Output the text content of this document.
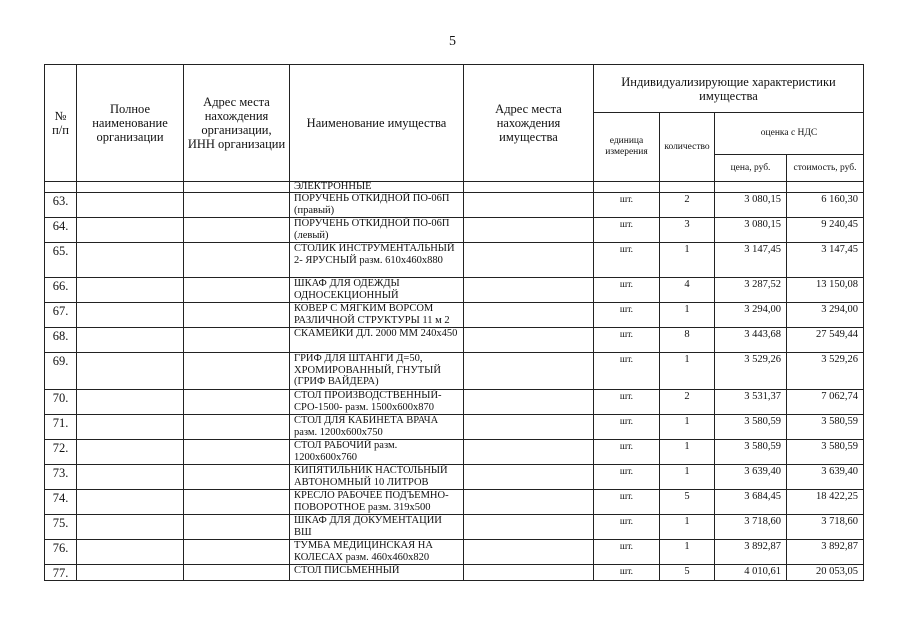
5
№ п/п	Полное наименование организации	Адрес места нахождения организации, ИНН организации	Наименование имущества	Адрес места нахождения имущества	Индивидуализирующие характеристики имущества			
					единица измерения	количество	оценка с НДС	
							цена, руб.	стоимость, руб.
			ЭЛЕКТРОННЫЕ					
63.			ПОРУЧЕНЬ ОТКИДНОЙ ПО-06П (правый)		шт.	2	3 080,15	6 160,30
64.			ПОРУЧЕНЬ ОТКИДНОЙ ПО-06П (левый)		шт.	3	3 080,15	9 240,45
65.			СТОЛИК ИНСТРУМЕНТАЛЬНЫЙ 2- ЯРУСНЫЙ разм. 610х460х880		шт.	1	3 147,45	3 147,45
66.			ШКАФ ДЛЯ ОДЕЖДЫ ОДНОСЕКЦИОННЫЙ		шт.	4	3 287,52	13 150,08
67.			КОВЕР С МЯГКИМ ВОРСОМ РАЗЛИЧНОЙ СТРУКТУРЫ 11 м 2		шт.	1	3 294,00	3 294,00
68.			СКАМЕЙКИ ДЛ. 2000 ММ 240х450		шт.	8	3 443,68	27 549,44
69.			ГРИФ ДЛЯ ШТАНГИ Д=50, ХРОМИРОВАННЫЙ, ГНУТЫЙ (ГРИФ ВАЙДЕРА)		шт.	1	3 529,26	3 529,26
70.			СТОЛ ПРОИЗВОДСТВЕННЫЙ-СРО-1500- разм. 1500х600х870		шт.	2	3 531,37	7 062,74
71.			СТОЛ ДЛЯ КАБИНЕТА ВРАЧА разм. 1200х600х750		шт.	1	3 580,59	3 580,59
72.			СТОЛ РАБОЧИЙ разм. 1200х600х760		шт.	1	3 580,59	3 580,59
73.			КИПЯТИЛЬНИК НАСТОЛЬНЫЙ АВТОНОМНЫЙ 10 ЛИТРОВ		шт.	1	3 639,40	3 639,40
74.			КРЕСЛО РАБОЧЕЕ ПОДЪЕМНО-ПОВОРОТНОЕ разм. 319х500		шт.	5	3 684,45	18 422,25
75.			ШКАФ ДЛЯ ДОКУМЕНТАЦИИ ВШ		шт.	1	3 718,60	3 718,60
76.			ТУМБА МЕДИЦИНСКАЯ НА КОЛЕСАХ разм. 460х460х820		шт.	1	3 892,87	3 892,87
77.			СТОЛ ПИСЬМЕННЫЙ		шт.	5	4 010,61	20 053,05
